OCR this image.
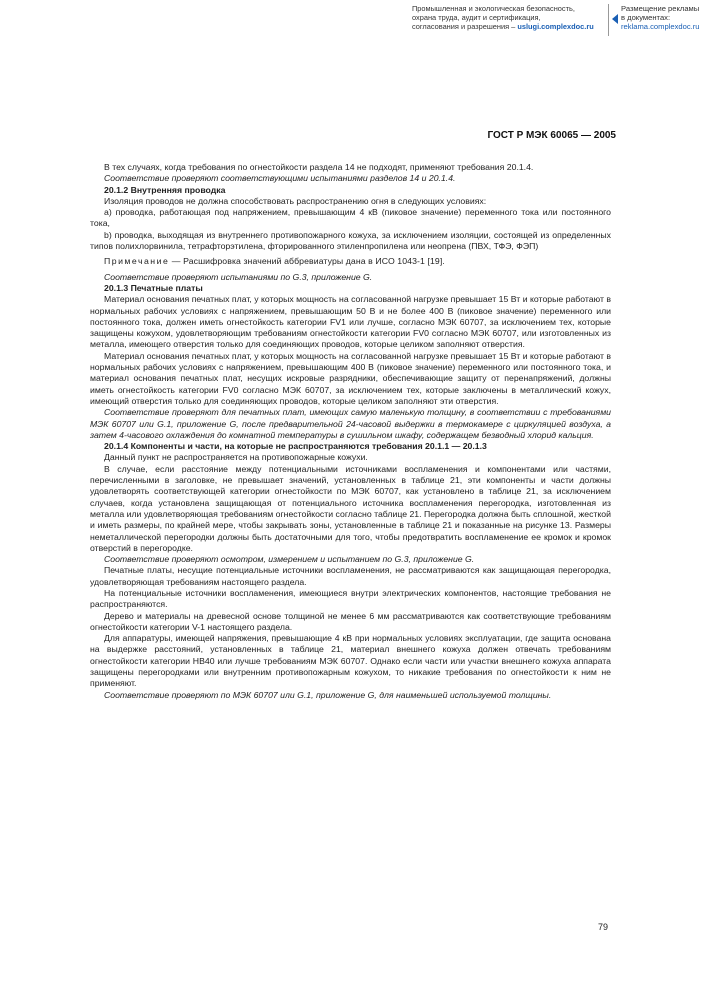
Промышленная и экологическая безопасность,
охрана труда, аудит и сертификация,
согласования и разрешения – uslugi.complexdoc.ru
Размещение рекламы
в документах:
reklama.complexdoc.ru
ГОСТ Р МЭК 60065 — 2005

В тех случаях, когда требования по огнестойкости раздела 14 не подходят, применяют требования 20.1.4.

Соответствие проверяют соответствующими испытаниями разделов 14 и 20.1.4.

20.1.2 Внутренняя проводка

Изоляция проводов не должна способствовать распространению огня в следующих условиях:

а) проводка, работающая под напряжением, превышающим 4 кВ (пиковое значение) переменного тока или постоянного тока,

b) проводка, выходящая из внутреннего противопожарного кожуха, за исключением изоляции, состоящей из определенных типов полихлорвинила, тетрафторэтилена, фторированного этиленпропилена или неопрена (ПВХ, ТФЭ, ФЭП)

Примечание — Расшифровка значений аббревиатуры дана в ИСО 1043-1 [19].

Соответствие проверяют испытаниями по G.3, приложение G.

20.1.3 Печатные платы

Материал основания печатных плат, у которых мощность на согласованной нагрузке превышает 15 Вт и которые работают в нормальных рабочих условиях с напряжением, превышающим 50 В и не более 400 В (пиковое значение) переменного или постоянного тока, должен иметь огнестойкость категории FV1 или лучше, согласно МЭК 60707, за исключением тех, которые защищены кожухом, удовлетворяющим требованиям огнестойкости категории FV0 согласно МЭК 60707, или изготовленных из металла, имеющего отверстия только для соединяющих проводов, которые целиком заполняют отверстия.

Материал основания печатных плат, у которых мощность на согласованной нагрузке превышает 15 Вт и которые работают в нормальных рабочих условиях с напряжением, превышающим 400 В (пиковое значение) переменного или постоянного тока, и материал основания печатных плат, несущих искровые разрядники, обеспечивающие защиту от перенапряжений, должны иметь огнестойкость категории FV0 согласно МЭК 60707, за исключением тех, которые заключены в металлический кожух, имеющий отверстия только для соединяющих проводов, которые целиком заполняют эти отверстия.

Соответствие проверяют для печатных плат, имеющих самую маленькую толщину, в соответствии с требованиями МЭК 60707 или G.1, приложение G, после предварительной 24-часовой выдержки в термокамере с циркуляцией воздуха, а затем 4-часового охлаждения до комнатной температуры в сушильном шкафу, содержащем безводный хлорид кальция.

20.1.4 Компоненты и части, на которые не распространяются требования 20.1.1 — 20.1.3

Данный пункт не распространяется на противопожарные кожухи.

В случае, если расстояние между потенциальными источниками воспламенения и компонентами или частями, перечисленными в заголовке, не превышает значений, установленных в таблице 21, эти компоненты и части должны удовлетворять соответствующей категории огнестойкости по МЭК 60707, как установлено в таблице 21, за исключением случаев, когда установлена защищающая от потенциального источника воспламенения перегородка, изготовленная из металла или удовлетворяющая требованиям огнестойкости согласно таблице 21. Перегородка должна быть сплошной, жесткой и иметь размеры, по крайней мере, чтобы закрывать зоны, установленные в таблице 21 и показанные на рисунке 13. Размеры неметаллической перегородки должны быть достаточными для того, чтобы предотвратить воспламенение ее кромок и кромок отверстий в перегородке.

Соответствие проверяют осмотром, измерением и испытанием по G.3, приложение G.

Печатные платы, несущие потенциальные источники воспламенения, не рассматриваются как защищающая перегородка, удовлетворяющая требованиям настоящего раздела.

На потенциальные источники воспламенения, имеющиеся внутри электрических компонентов, настоящие требования не распространяются.

Дерево и материалы на древесной основе толщиной не менее 6 мм рассматриваются как соответствующие требованиям огнестойкости категории V-1 настоящего раздела.

Для аппаратуры, имеющей напряжения, превышающие 4 кВ при нормальных условиях эксплуатации, где защита основана на выдержке расстояний, установленных в таблице 21, материал внешнего кожуха должен отвечать требованиям огнестойкости категории HB40 или лучше требованиям МЭК 60707. Однако если части или участки внешнего кожуха аппарата защищены перегородками или внутренним противопожарным кожухом, то никакие требования по огнестойкости к ним не применяют.

Соответствие проверяют по МЭК 60707 или G.1, приложение G, для наименьшей используемой толщины.

79
